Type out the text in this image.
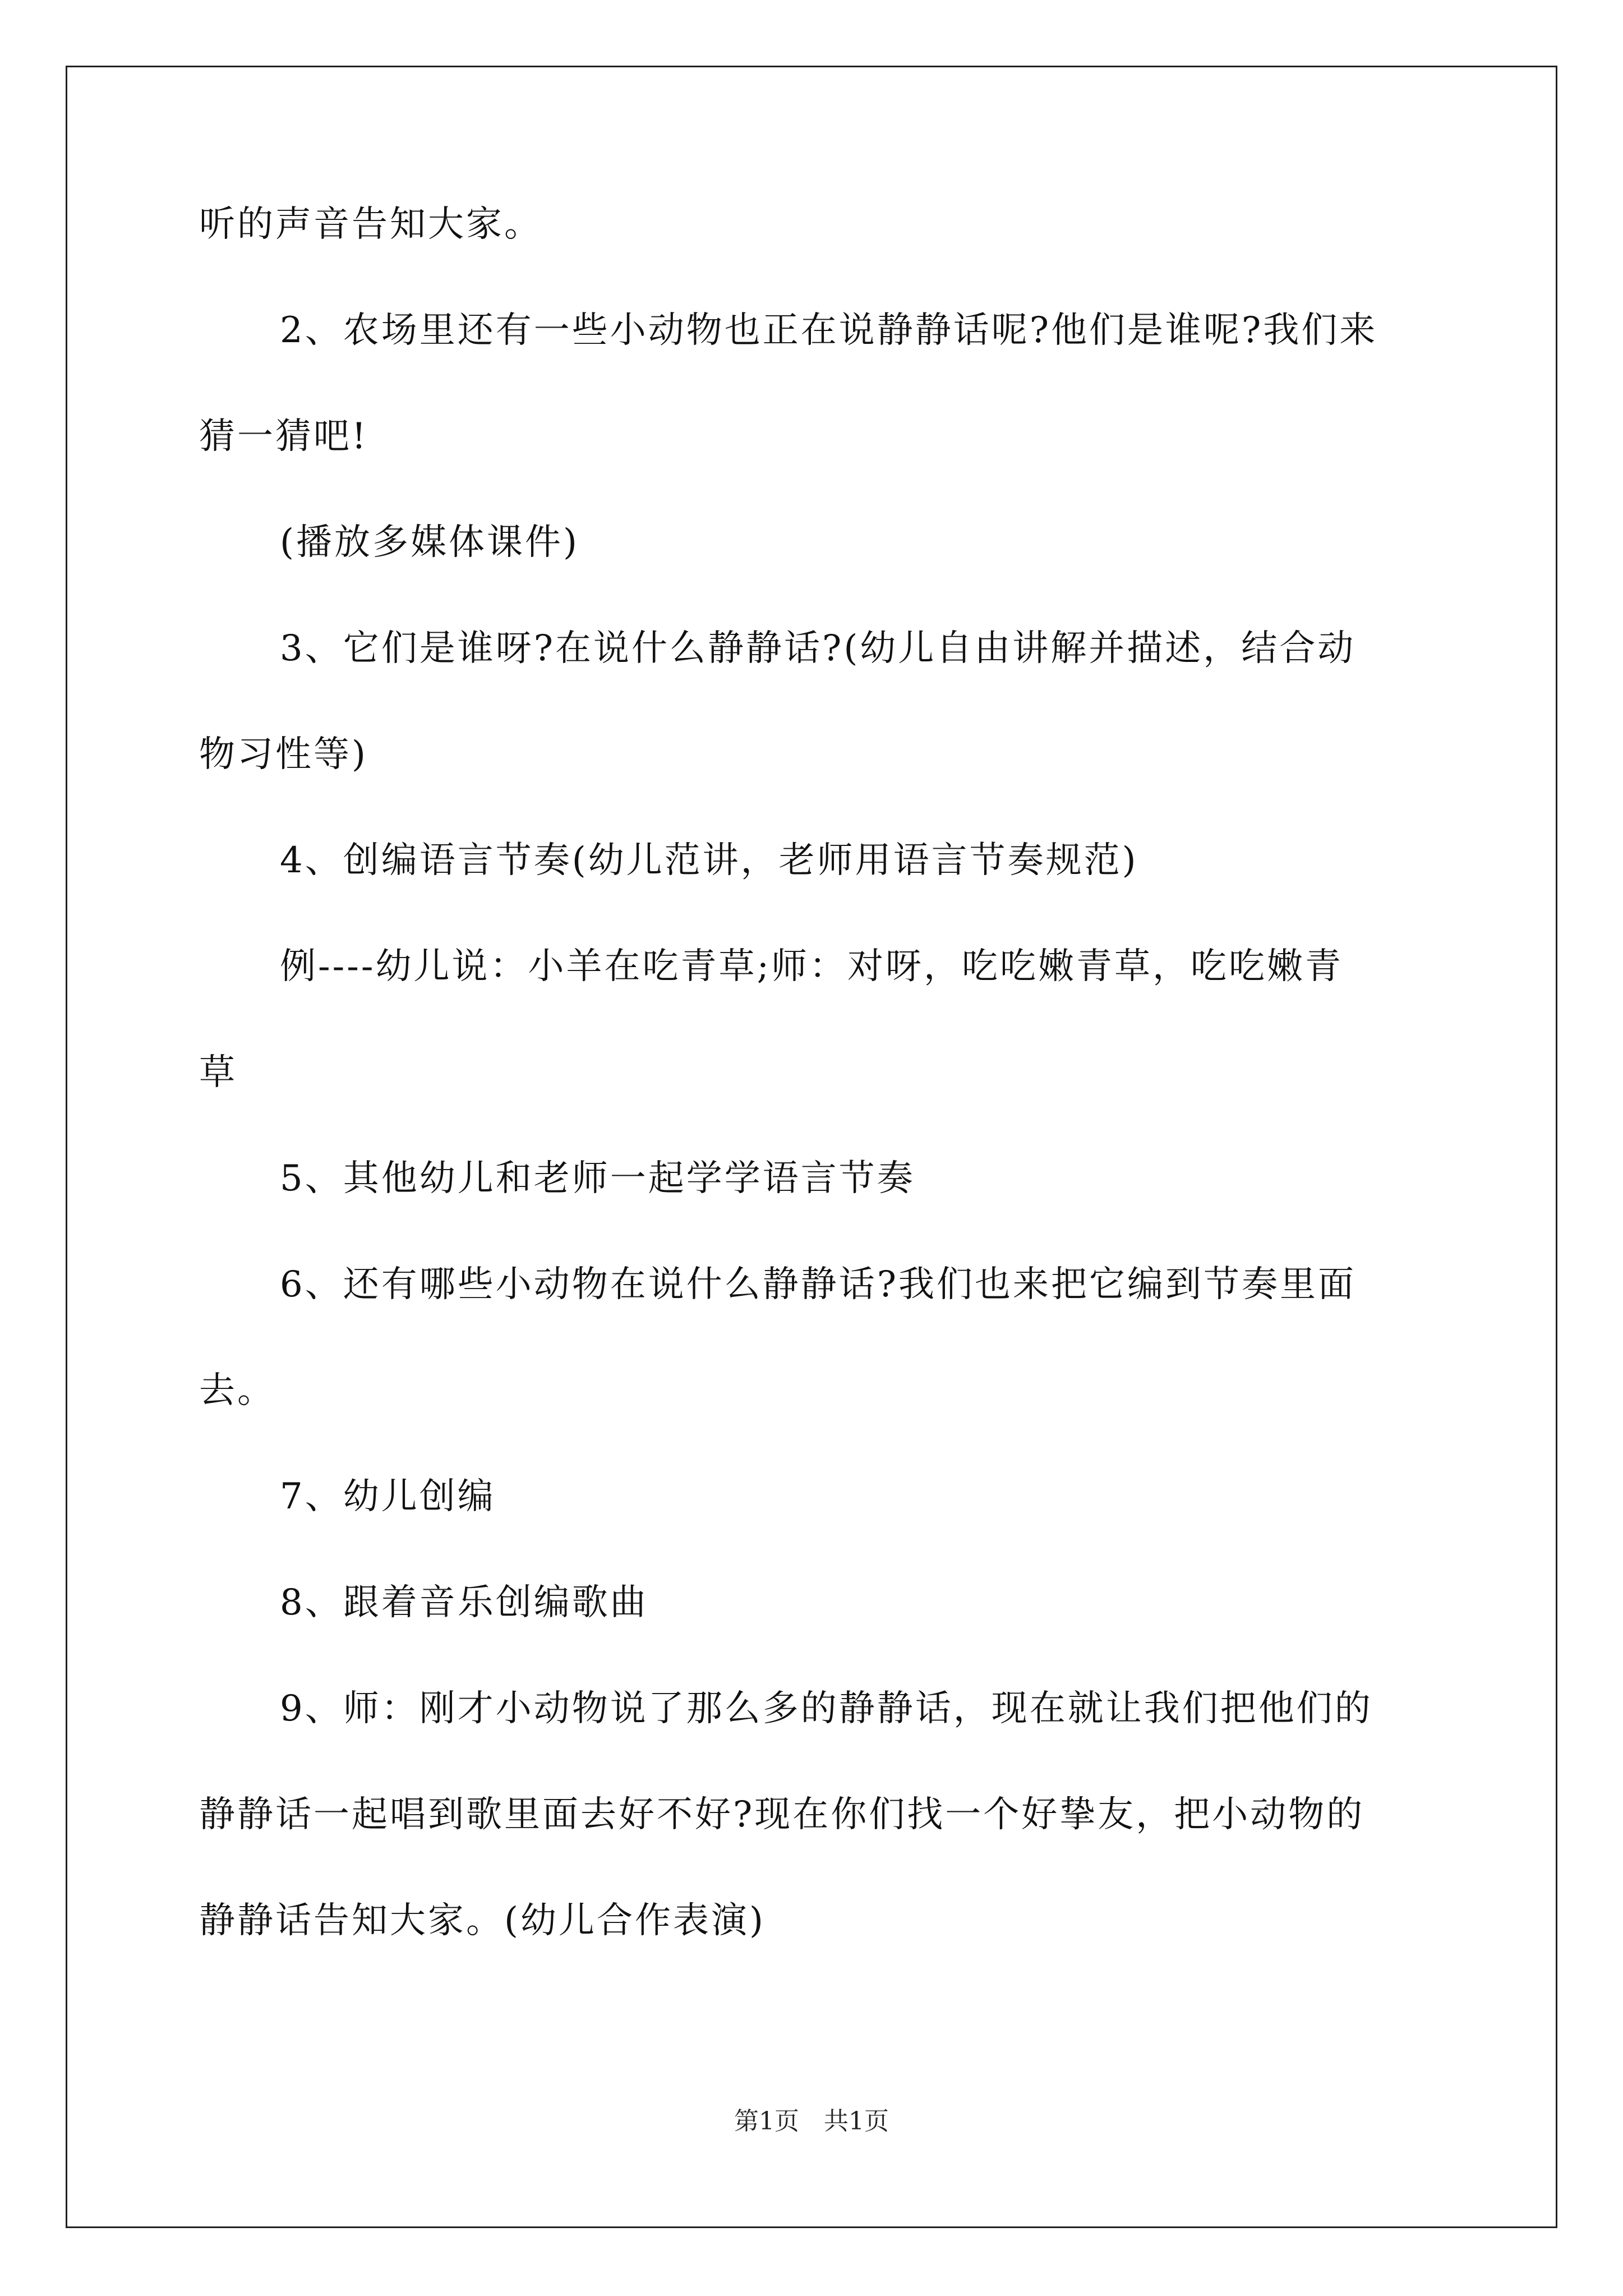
听的声音告知大家。
2、农场里还有一些小动物也正在说静静话呢?他们是谁呢?我们来
猜一猜吧!
(播放多媒体课件)
3、它们是谁呀?在说什么静静话?(幼儿自由讲解并描述，结合动
物习性等)
4、创编语言节奏(幼儿范讲，老师用语言节奏规范)
例----幼儿说：小羊在吃青草;师：对呀，吃吃嫩青草，吃吃嫩青
草
5、其他幼儿和老师一起学学语言节奏
6、还有哪些小动物在说什么静静话?我们也来把它编到节奏里面
去。
7、幼儿创编
8、跟着音乐创编歌曲
9、师：刚才小动物说了那么多的静静话，现在就让我们把他们的
静静话一起唱到歌里面去好不好?现在你们找一个好挚友，把小动物的
静静话告知大家。(幼儿合作表演)
第1页　共1页
